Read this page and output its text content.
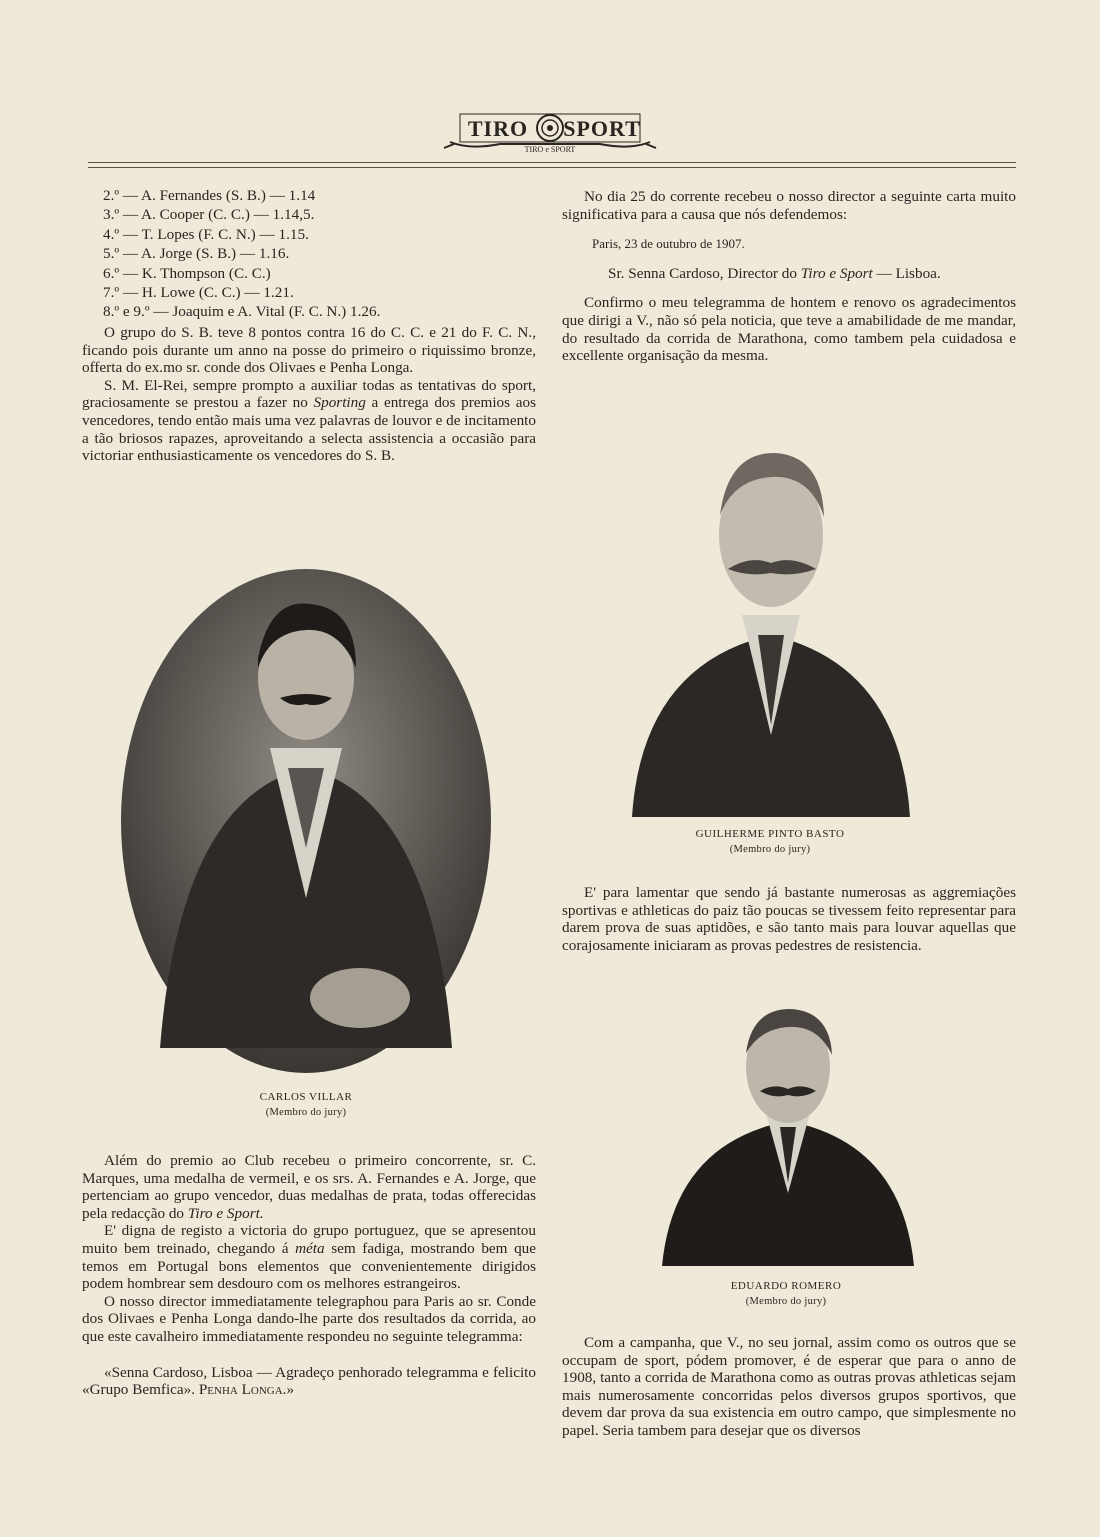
TIRO SPORT
TIRO e SPORT
2.º — A. Fernandes (S. B.) — 1.14
3.º — A. Cooper (C. C.) — 1.14,5.
4.º — T. Lopes (F. C. N.) — 1.15.
5.º — A. Jorge (S. B.) — 1.16.
6.º — K. Thompson (C. C.)
7.º — H. Lowe (C. C.) — 1.21.
8.º e 9.º — Joaquim e A. Vital (F. C. N.) 1.26.

O grupo do S. B. teve 8 pontos contra 16 do C. C. e 21 do F. C. N., ficando pois durante um anno na posse do primeiro o riquissimo bronze, offerta do ex.mo sr. conde dos Olivaes e Penha Longa.

S. M. El-Rei, sempre prompto a auxiliar todas as tentativas do sport, graciosamente se prestou a fazer no Sporting a entrega dos premios aos vencedores, tendo então mais uma vez palavras de louvor e de incitamento a tão briosos rapazes, aproveitando a selecta assistencia a occasião para victoriar enthusiasticamente os vencedores do S. B.

CARLOS VILLAR
(Membro do jury)

Além do premio ao Club recebeu o primeiro concorrente, sr. C. Marques, uma medalha de vermeil, e os srs. A. Fernandes e A. Jorge, que pertenciam ao grupo vencedor, duas medalhas de prata, todas offerecidas pela redacção do Tiro e Sport.

E' digna de registo a victoria do grupo portuguez, que se apresentou muito bem treinado, chegando á méta sem fadiga, mostrando bem que temos em Portugal bons elementos que convenientemente dirigidos podem hombrear sem desdouro com os melhores estrangeiros.

O nosso director immediatamente telegraphou para Paris ao sr. Conde dos Olivaes e Penha Longa dando-lhe parte dos resultados da corrida, ao que este cavalheiro immediatamente respondeu no seguinte telegramma:

«Senna Cardoso, Lisboa — Agradeço penhorado telegramma e felicito «Grupo Bemfica». Penha Longa.»

No dia 25 do corrente recebeu o nosso director a seguinte carta muito significativa para a causa que nós defendemos:

Paris, 23 de outubro de 1907.

Sr. Senna Cardoso, Director do Tiro e Sport — Lisboa.

Confirmo o meu telegramma de hontem e renovo os agradecimentos que dirigi a V., não só pela noticia, que teve a amabilidade de me mandar, do resultado da corrida de Marathona, como tambem pela cuidadosa e excellente organisação da mesma.

GUILHERME PINTO BASTO
(Membro do jury)

E' para lamentar que sendo já bastante numerosas as aggremiações sportivas e athleticas do paiz tão poucas se tivessem feito representar para darem prova de suas aptidões, e são tanto mais para louvar aquellas que corajosamente iniciaram as provas pedestres de resistencia.

EDUARDO ROMERO
(Membro do jury)

Com a campanha, que V., no seu jornal, assim como os outros que se occupam de sport, pódem promover, é de esperar que para o anno de 1908, tanto a corrida de Marathona como as outras provas athleticas sejam mais numerosamente concorridas pelos diversos grupos sportivos, que devem dar prova da sua existencia em outro campo, que simplesmente no papel. Seria tambem para desejar que os diversos
